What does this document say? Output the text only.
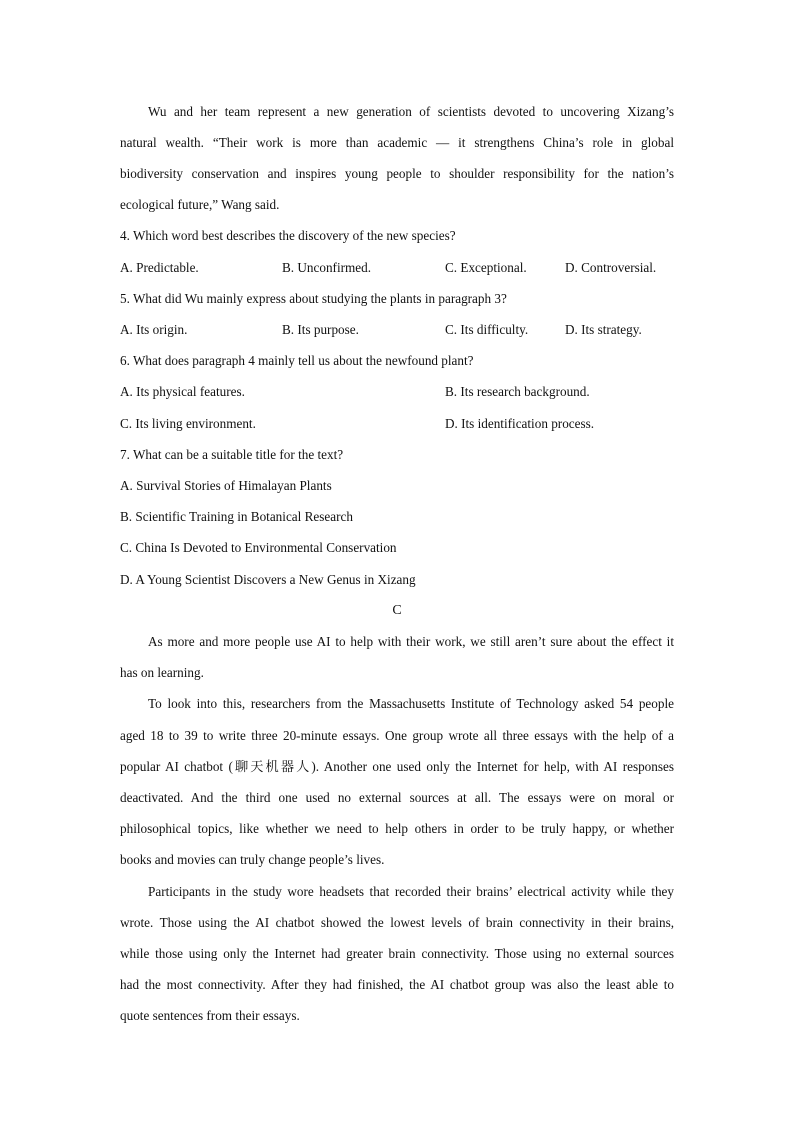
Wu and her team represent a new generation of scientists devoted to uncovering Xizang’s
natural wealth. “Their work is more than academic — it strengthens China’s role in global
biodiversity conservation and inspires young people to shoulder responsibility for the nation’s
ecological future,” Wang said.
4. Which word best describes the discovery of the new species?
A. Predictable.	B. Unconfirmed.	C. Exceptional.	D. Controversial.
5. What did Wu mainly express about studying the plants in paragraph 3?
A. Its origin.	B. Its purpose.	C. Its difficulty.	D. Its strategy.
6. What does paragraph 4 mainly tell us about the newfound plant?
A. Its physical features.	B. Its research background.
C. Its living environment.	D. Its identification process.
7. What can be a suitable title for the text?
A. Survival Stories of Himalayan Plants
B. Scientific Training in Botanical Research
C. China Is Devoted to Environmental Conservation
D. A Young Scientist Discovers a New Genus in Xizang
C
As more and more people use AI to help with their work, we still aren’t sure about the effect it
has on learning.
To look into this, researchers from the Massachusetts Institute of Technology asked 54 people
aged 18 to 39 to write three 20-minute essays. One group wrote all three essays with the help of a
popular AI chatbot (聊天机器人). Another one used only the Internet for help, with AI responses
deactivated. And the third one used no external sources at all. The essays were on moral or
philosophical topics, like whether we need to help others in order to be truly happy, or whether
books and movies can truly change people’s lives.
Participants in the study wore headsets that recorded their brains’ electrical activity while they
wrote. Those using the AI chatbot showed the lowest levels of brain connectivity in their brains,
while those using only the Internet had greater brain connectivity. Those using no external sources
had the most connectivity. After they had finished, the AI chatbot group was also the least able to
quote sentences from their essays.
